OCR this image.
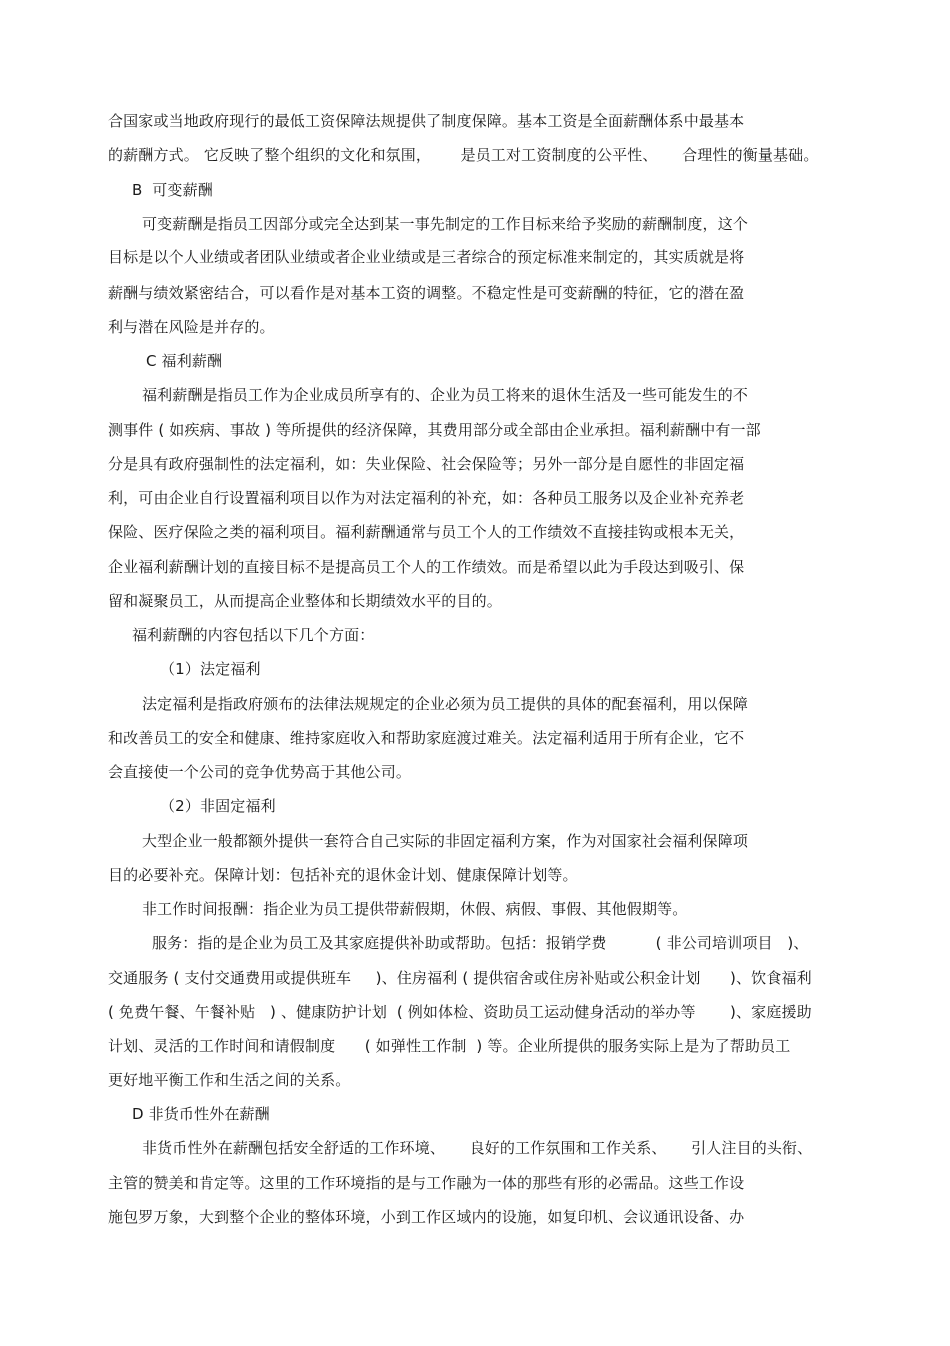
合国家或当地政府现行的最低工资保障法规提供了制度保障。基本工资是全面薪酬体系中最基本
的薪酬方式。 它反映了整个组织的文化和氛围，      是员工对工资制度的公平性、     合理性的衡量基础。
B  可变薪酬
可变薪酬是指员工因部分或完全达到某一事先制定的工作目标来给予奖励的薪酬制度，这个
目标是以个人业绩或者团队业绩或者企业业绩或是三者综合的预定标准来制定的，其实质就是将
薪酬与绩效紧密结合，可以看作是对基本工资的调整。不稳定性是可变薪酬的特征，它的潜在盈
利与潜在风险是并存的。
C 福利薪酬
福利薪酬是指员工作为企业成员所享有的、企业为员工将来的退休生活及一些可能发生的不
测事件 ( 如疾病、事故 ) 等所提供的经济保障，其费用部分或全部由企业承担。福利薪酬中有一部
分是具有政府强制性的法定福利，如：失业保险、社会保险等；另外一部分是自愿性的非固定福
利，可由企业自行设置福利项目以作为对法定福利的补充，如：各种员工服务以及企业补充养老
保险、医疗保险之类的福利项目。福利薪酬通常与员工个人的工作绩效不直接挂钩或根本无关，
企业福利薪酬计划的直接目标不是提高员工个人的工作绩效。而是希望以此为手段达到吸引、保
留和凝聚员工，从而提高企业整体和长期绩效水平的目的。
福利薪酬的内容包括以下几个方面：
（1）法定福利
法定福利是指政府颁布的法律法规规定的企业必须为员工提供的具体的配套福利，用以保障
和改善员工的安全和健康、维持家庭收入和帮助家庭渡过难关。法定福利适用于所有企业，它不
会直接使一个公司的竞争优势高于其他公司。
（2）非固定福利
大型企业一般都额外提供一套符合自己实际的非固定福利方案，作为对国家社会福利保障项
目的必要补充。保障计划：包括补充的退休金计划、健康保障计划等。
非工作时间报酬：指企业为员工提供带薪假期，休假、病假、事假、其他假期等。
服务：指的是企业为员工及其家庭提供补助或帮助。包括：报销学费          ( 非公司培训项目   )、
交通服务 ( 支付交通费用或提供班车     )、住房福利 ( 提供宿舍或住房补贴或公积金计划      )、饮食福利
( 免费午餐、午餐补贴   ) 、健康防护计划  ( 例如体检、资助员工运动健身活动的举办等       )、家庭援助
计划、灵活的工作时间和请假制度      ( 如弹性工作制  ) 等。企业所提供的服务实际上是为了帮助员工
更好地平衡工作和生活之间的关系。
D 非货币性外在薪酬
非货币性外在薪酬包括安全舒适的工作环境、     良好的工作氛围和工作关系、     引人注目的头衔、
主管的赞美和肯定等。这里的工作环境指的是与工作融为一体的那些有形的必需品。这些工作设
施包罗万象，大到整个企业的整体环境，小到工作区域内的设施，如复印机、会议通讯设备、办
